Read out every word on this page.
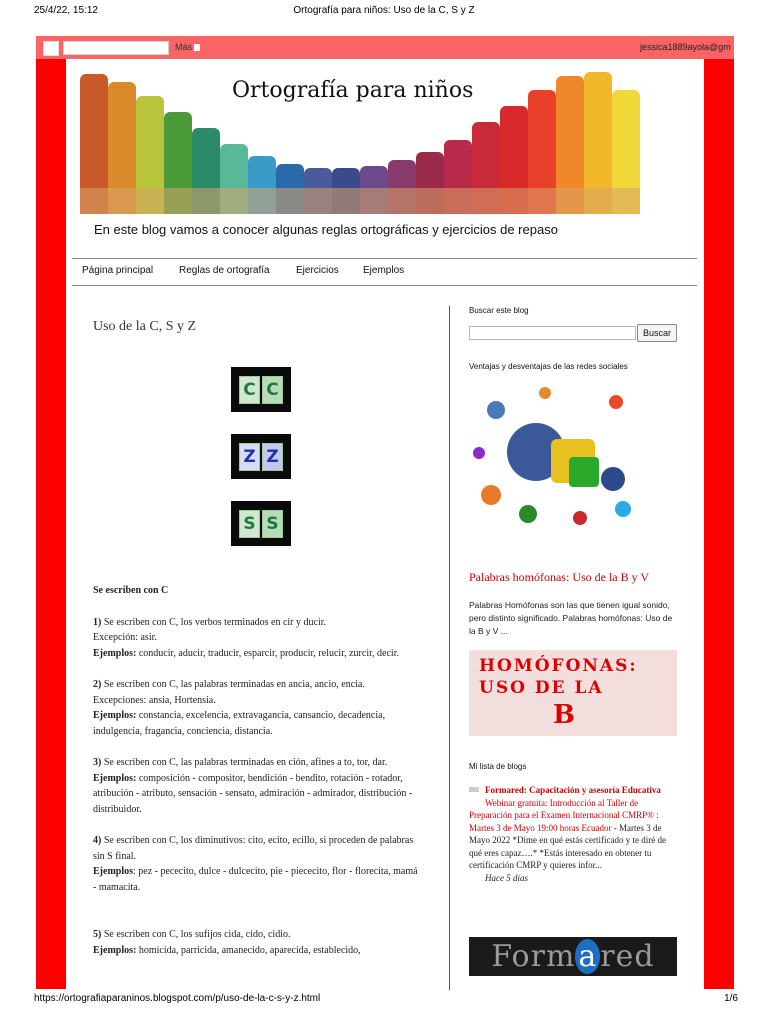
25/4/22, 15:12	Ortografía para niños: Uso de la C, S y Z
Más	jessica1889ayola@gm
Ortografía para niños
En este blog vamos a conocer algunas reglas ortográficas y ejercicios de repaso
Página principal	Reglas de ortografía	Ejercicios Ejemplos
Uso de la C, S y Z
C C
Z Z
S S
Se escriben con C
1) Se escriben con C, los verbos terminados en cir y ducir.
Excepción: asir.
Ejemplos: conducir, aducir, traducir, esparcir, producir, relucir, zurcir, decir.
2) Se escriben con C, las palabras terminadas en ancia, ancio, encia.
Excepciones: ansia, Hortensia.
Ejemplos: constancia, excelencia, extravagancia, cansancio, decadencia, indulgencia, fragancia, conciencia, distancia.
3) Se escriben con C, las palabras terminadas en ción, afines a to, tor, dar.
Ejemplos: composición - compositor, bendición - bendito, rotación - rotador, atribución - atributo, sensación - sensato, admiración - admirador, distribución - distribuidor.
4) Se escriben con C, los diminutivos: cito, ecito, ecillo, si proceden de palabras sin S final.
Ejemplos: pez - pececito, dulce - dulcecito, pie - piececito, flor - florecita, mamá - mamacita.
5) Se escriben con C, los sufijos cida, cido, cidio.
Ejemplos: homicida, parricida, amanecido, aparecida, establecido,
Buscar este blog
Buscar
Ventajas y desventajas de las redes sociales
Palabras homófonas: Uso de la B y V
Palabras Homófonas son las que tienen igual sonido, pero distinto significado. Palabras homófonas: Uso de la B y V ...
HOMÓFONAS:
USO DE LA
B
Mi lista de blogs
Formared: Capacitación y asesoría Educativa
Webinar gratuita: Introducción al Taller de Preparación para el Examen Internacional CMRP® : Martes 3 de Mayo 19:00 horas Ecuador - Martes 3 de Mayo 2022 *Dime en qué estás certificado y te diré de qué eres capaz….* *Estás interesado en obtener tu certificación CMRP y quieres infor...
Hace 5 días
Form a red
https://ortografiaparaninos.blogspot.com/p/uso-de-la-c-s-y-z.html	1/6
